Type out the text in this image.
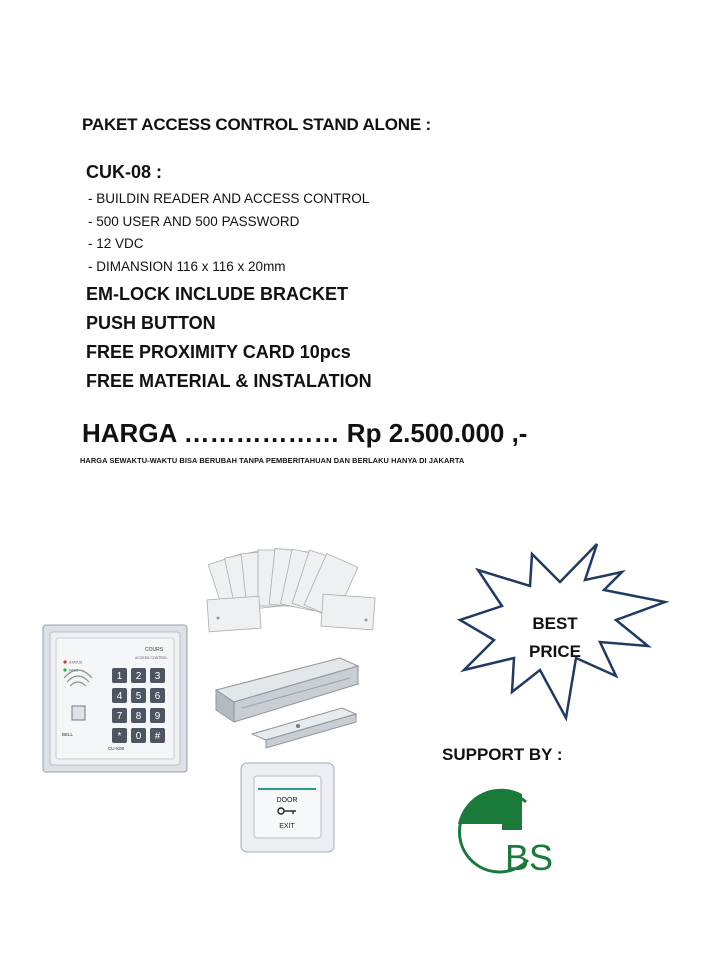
PAKET ACCESS CONTROL STAND ALONE :
CUK-08 :
- BUILDIN READER AND ACCESS CONTROL
- 500 USER AND 500 PASSWORD
- 12 VDC
- DIMANSION 116 x 116 x 20mm
EM-LOCK INCLUDE BRACKET
PUSH BUTTON
FREE PROXIMITY CARD 10pcs
FREE MATERIAL & INSTALATION
HARGA ……………… Rp 2.500.000 ,-
HARGA SEWAKTU-WAKTU BISA BERUBAH TANPA PEMBERITAHUAN DAN BERLAKU HANYA DI JAKARTA
COURS
ACCESS CONTROL
STATUS
PASS
BELL
1 2 3
4 5 6
7 8 9
* 0 #
CU-K08
DOOR
EXIT
BEST
PRICE
SUPPORT BY :
BS
